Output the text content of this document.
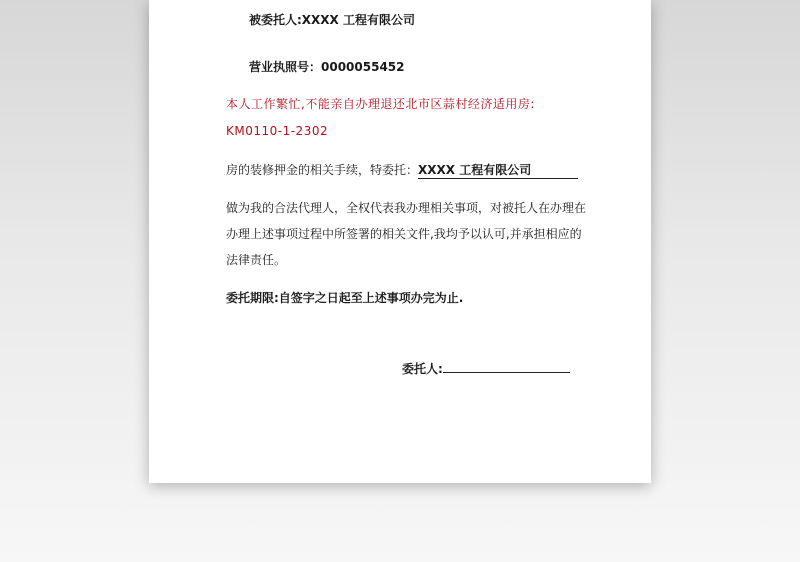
被委托人:XXXX 工程有限公司
营业执照号：0000055452
本人工作繁忙,不能亲自办理退还北市区蒜村经济适用房:
KM0110-1-2302
房的装修押金的相关手续，特委托：XXXX 工程有限公司
做为我的合法代理人，全权代表我办理相关事项，对被托人在办理在
办理上述事项过程中所签署的相关文件,我均予以认可,并承担相应的
法律责任。
委托期限:自签字之日起至上述事项办完为止.
委托人:
